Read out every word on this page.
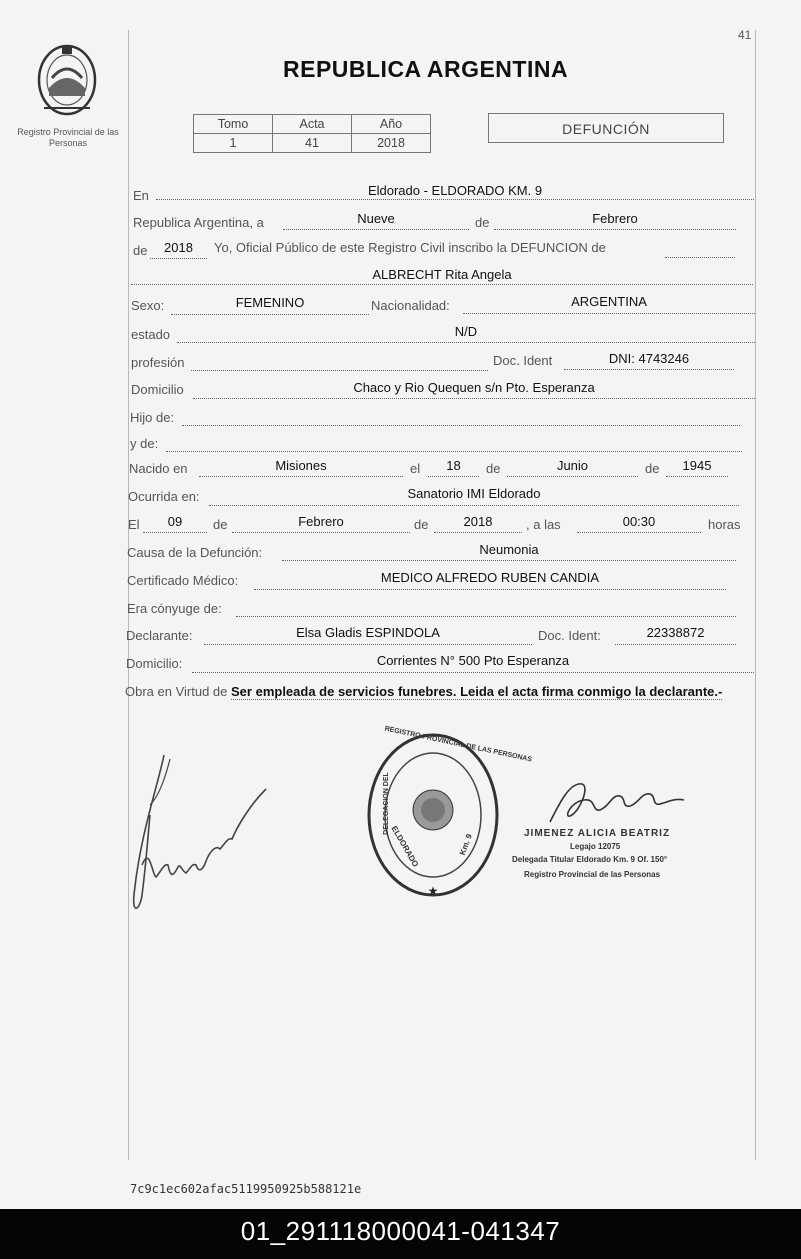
41
Registro Provincial de las Personas
REPUBLICA ARGENTINA
Tomo	Acta	Año
1	41	2018
DEFUNCIÓN
En	Eldorado - ELDORADO KM. 9
Republica Argentina, a	Nueve	de	Febrero
de	2018	Yo, Oficial Público de este Registro Civil inscribo la DEFUNCION de
ALBRECHT Rita Angela
Sexo:	FEMENINO	Nacionalidad:	ARGENTINA
estado	N/D
profesión	Doc. Ident	DNI: 4743246
Domicilio	Chaco y Rio Quequen s/n Pto. Esperanza
Hijo de:
y de:
Nacido en	Misiones	el	18	de	Junio	de	1945
Ocurrida en:	Sanatorio IMI Eldorado
El	09	de	Febrero	de	2018	, a las	00:30	horas
Causa de la Defunción:	Neumonia
Certificado Médico:	MEDICO ALFREDO RUBEN CANDIA
Era cónyuge de:
Declarante:	Elsa Gladis ESPINDOLA	Doc. Ident:	22338872
Domicilio:	Corrientes N° 500 Pto Esperanza
Obra en Virtud de Ser empleada de servicios funebres. Leida el acta firma conmigo la declarante.-
★
REGISTRO PROVINCIAL DE LAS PERSONAS
ELDORADO	Km. 9
DELEGACION DEL	JIMENEZ ALICIA BEATRIZ
Legajo 12075
Delegada Titular Eldorado Km. 9 Of. 150°
Registro Provincial de las Personas
7c9c1ec602afac5119950925b588121e
01_291118000041-041347
